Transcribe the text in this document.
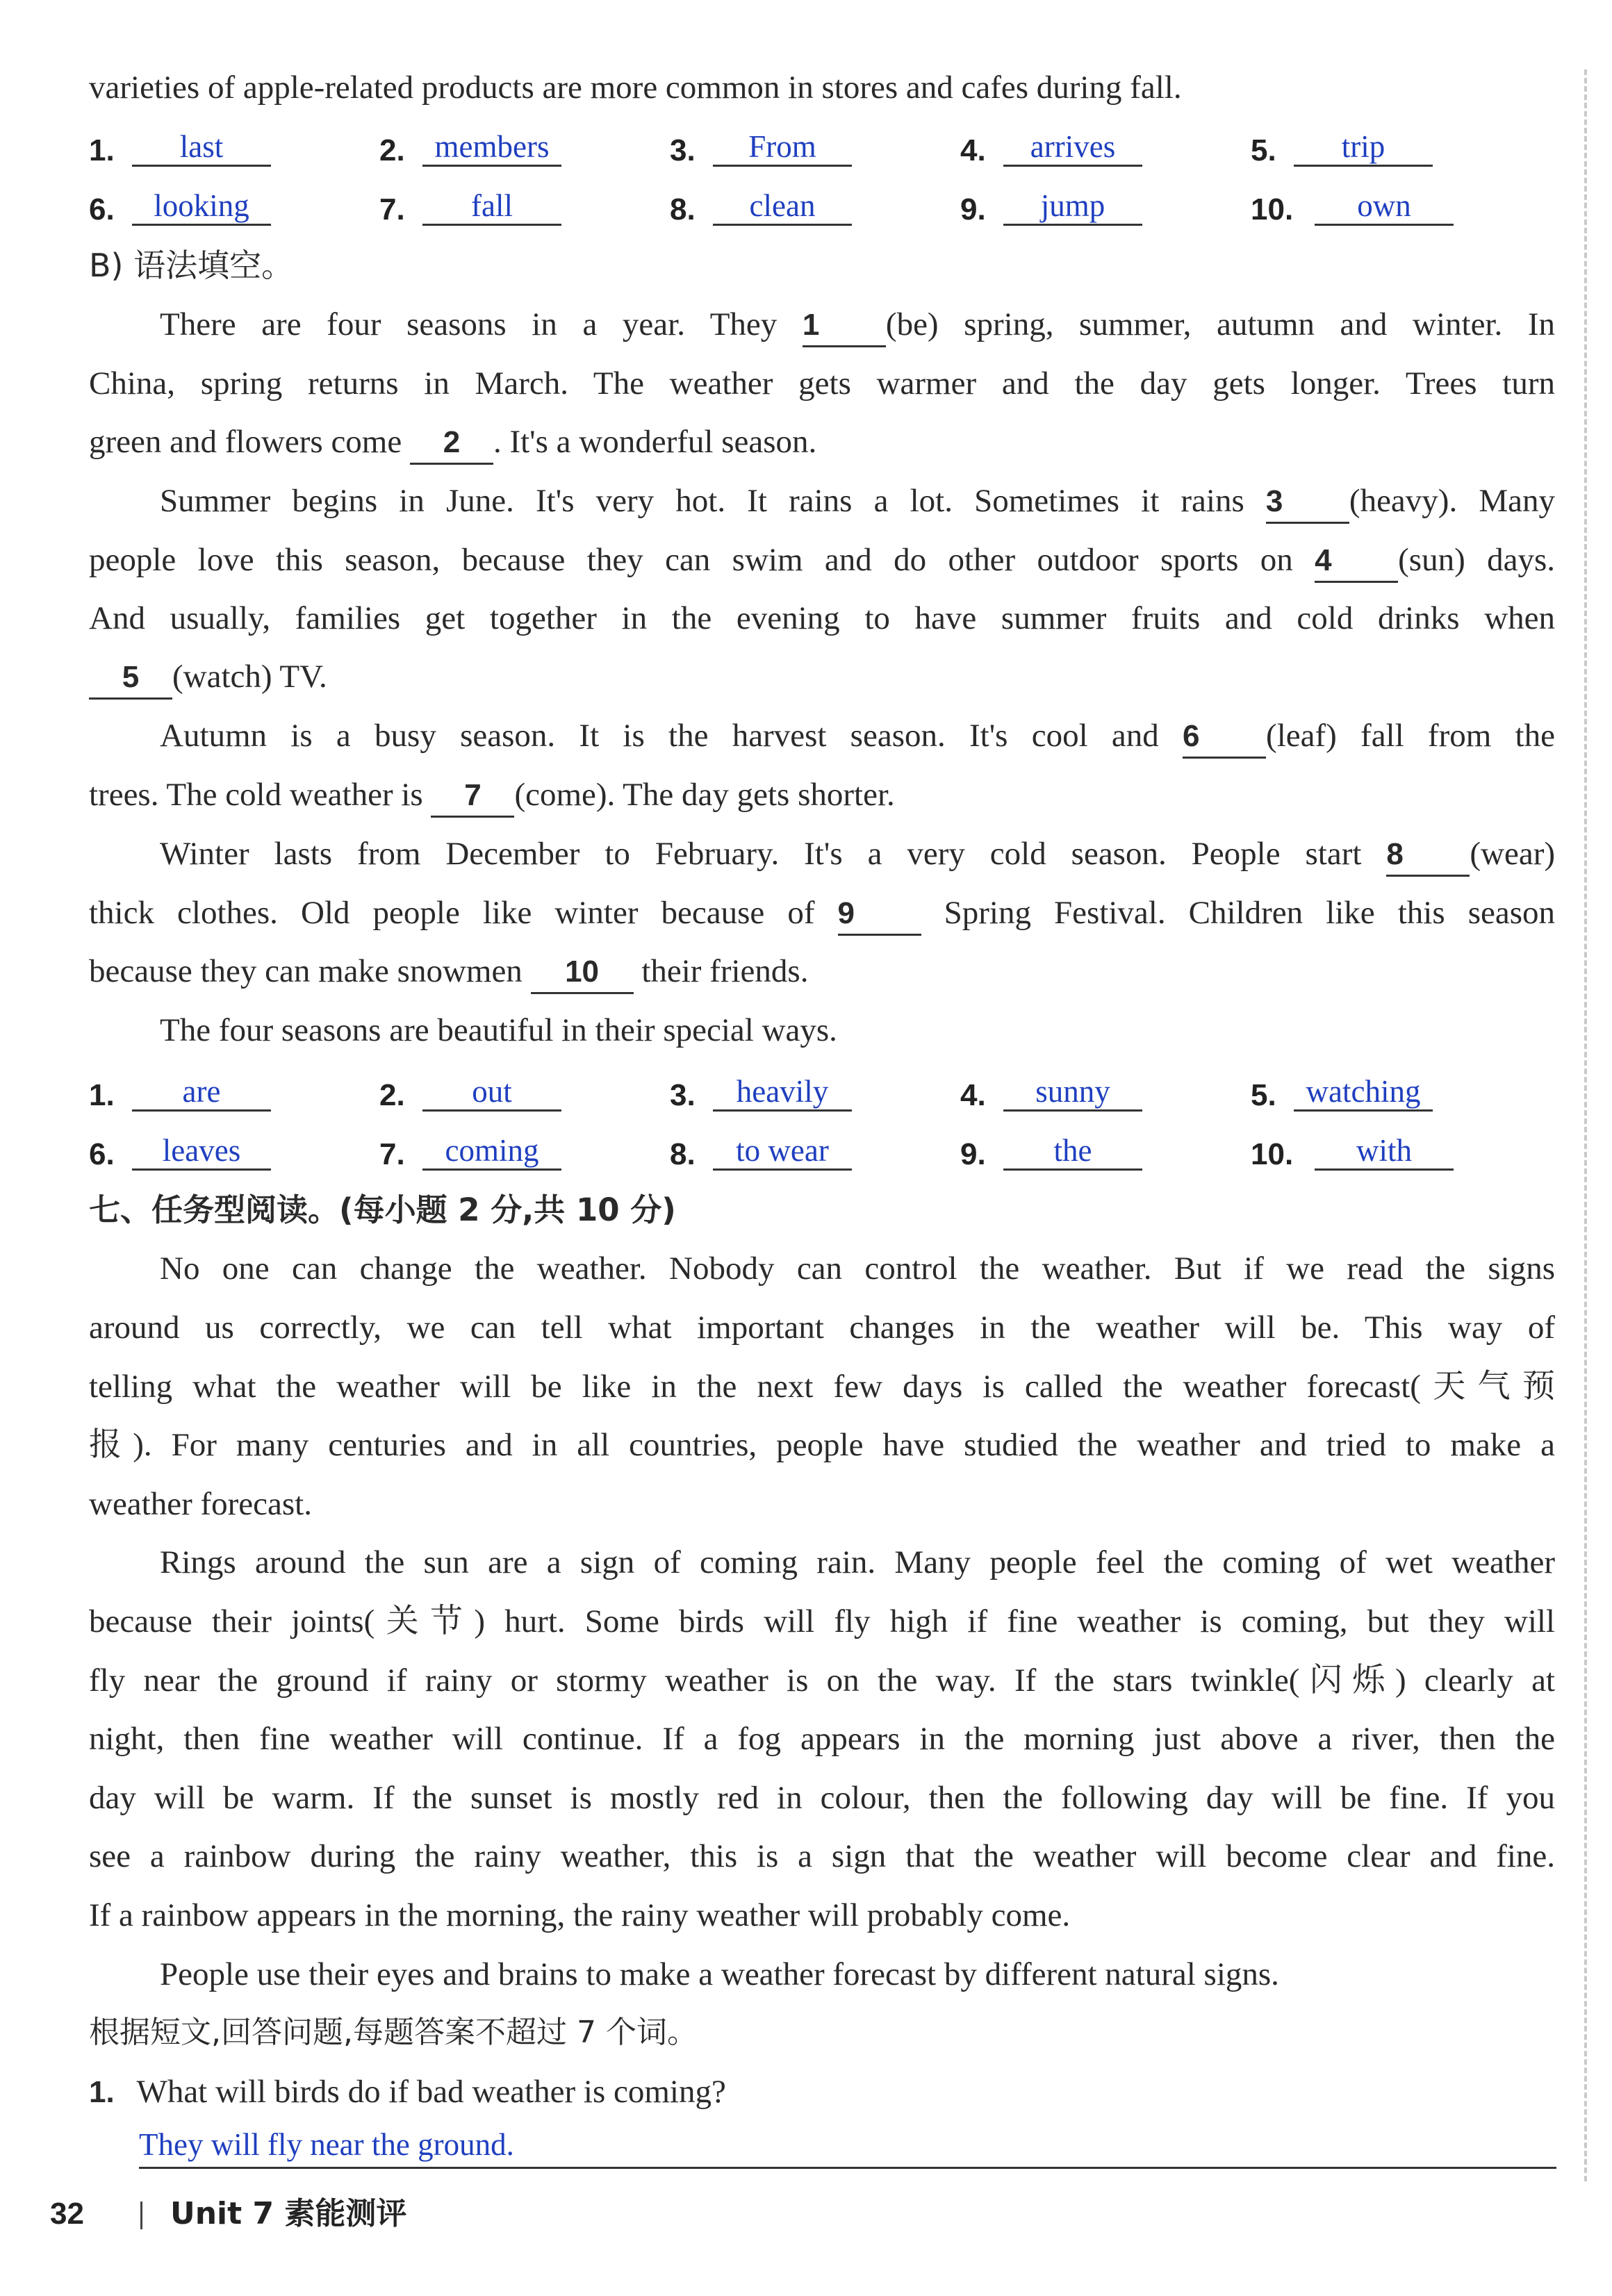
varieties of apple-related products are more common in stores and cafes during fall.
1.	last	2. members	3.	From	4.	arrives	5.	trip
6.	looking	7.	fall	8.	clean	9.	jump	10.	own
B) 语法填空。
There are four seasons in a year. They 1 (be) spring, summer, autumn and winter. In
China, spring returns in March. The weather gets warmer and the day gets longer. Trees turn
green and flowers come 2 . It's a wonderful season.
Summer begins in June. It's very hot. It rains a lot. Sometimes it rains 3 (heavy). Many
people love this season, because they can swim and do other outdoor sports on 4 (sun) days.
And usually, families get together in the evening to have summer fruits and cold drinks when
5 (watch) TV.
Autumn is a busy season. It is the harvest season. It's cool and 6 (leaf) fall from the
trees. The cold weather is 7 (come). The day gets shorter.
Winter lasts from December to February. It's a very cold season. People start 8 (wear)
thick clothes. Old people like winter because of 9	Spring Festival. Children like this season
because they can make snowmen 10 their friends.
The four seasons are beautiful in their special ways.
1.	are	2.	out	3.	heavily	4.	sunny	5. watching
6.	leaves	7.	coming	8.	to wear	9.	the	10.	with
七、任务型阅读。(每小题 2 分,共 10 分)
No one can change the weather. Nobody can control the weather. But if we read the signs
around us correctly, we can tell what important changes in the weather will be. This way of
telling what the weather will be like in the next few days is called the weather forecast(天气预
报). For many centuries and in all countries, people have studied the weather and tried to make a
weather forecast.
Rings around the sun are a sign of coming rain. Many people feel the coming of wet weather
because their joints(关节) hurt. Some birds will fly high if fine weather is coming, but they will
fly near the ground if rainy or stormy weather is on the way. If the stars twinkle(闪烁) clearly at
night, then fine weather will continue. If a fog appears in the morning just above a river, then the
day will be warm. If the sunset is mostly red in colour, then the following day will be fine. If you
see a rainbow during the rainy weather, this is a sign that the weather will become clear and fine.
If a rainbow appears in the morning, the rainy weather will probably come.
People use their eyes and brains to make a weather forecast by different natural signs.
根据短文,回答问题,每题答案不超过 7 个词。
1. What will birds do if bad weather is coming?
They will fly near the ground.
32	Unit 7 素能测评
